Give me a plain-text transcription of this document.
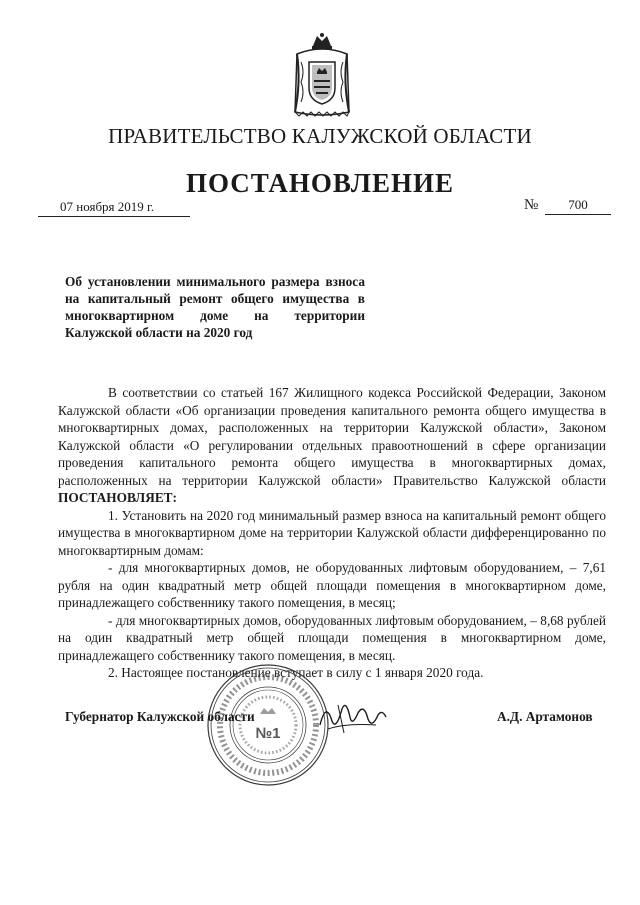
ПРАВИТЕЛЬСТВО КАЛУЖСКОЙ ОБЛАСТИ
ПОСТАНОВЛЕНИЕ
07 ноября 2019 г.	№	700
Об установлении минимального размера взноса на капитальный ремонт общего имущества в многоквартирном доме на территории Калужской области на 2020 год

В соответствии со статьей 167 Жилищного кодекса Российской Федерации, Законом Калужской области «Об организации проведения капитального ремонта общего имущества в многоквартирных домах, расположенных на территории Калужской области», Законом Калужской области «О регулировании отдельных правоотношений в сфере организации проведения капитального ремонта общего имущества в многоквартирных домах, расположенных на территории Калужской области» Правительство Калужской области ПОСТАНОВЛЯЕТ:

1. Установить на 2020 год минимальный размер взноса на капитальный ремонт общего имущества в многоквартирном доме на территории Калужской области дифференцированно по многоквартирным домам:

- для многоквартирных домов, не оборудованных лифтовым оборудованием, – 7,61 рубля на один квадратный метр общей площади помещения в многоквартирном доме, принадлежащего собственнику такого помещения, в месяц;

- для многоквартирных домов, оборудованных лифтовым оборудованием, – 8,68 рублей на один квадратный метр общей площади помещения в многоквартирном доме, принадлежащего собственнику такого помещения, в месяц.

2. Настоящее постановление вступает в силу с 1 января 2020 года.

№1
Губернатор Калужской области	А.Д. Артамонов
